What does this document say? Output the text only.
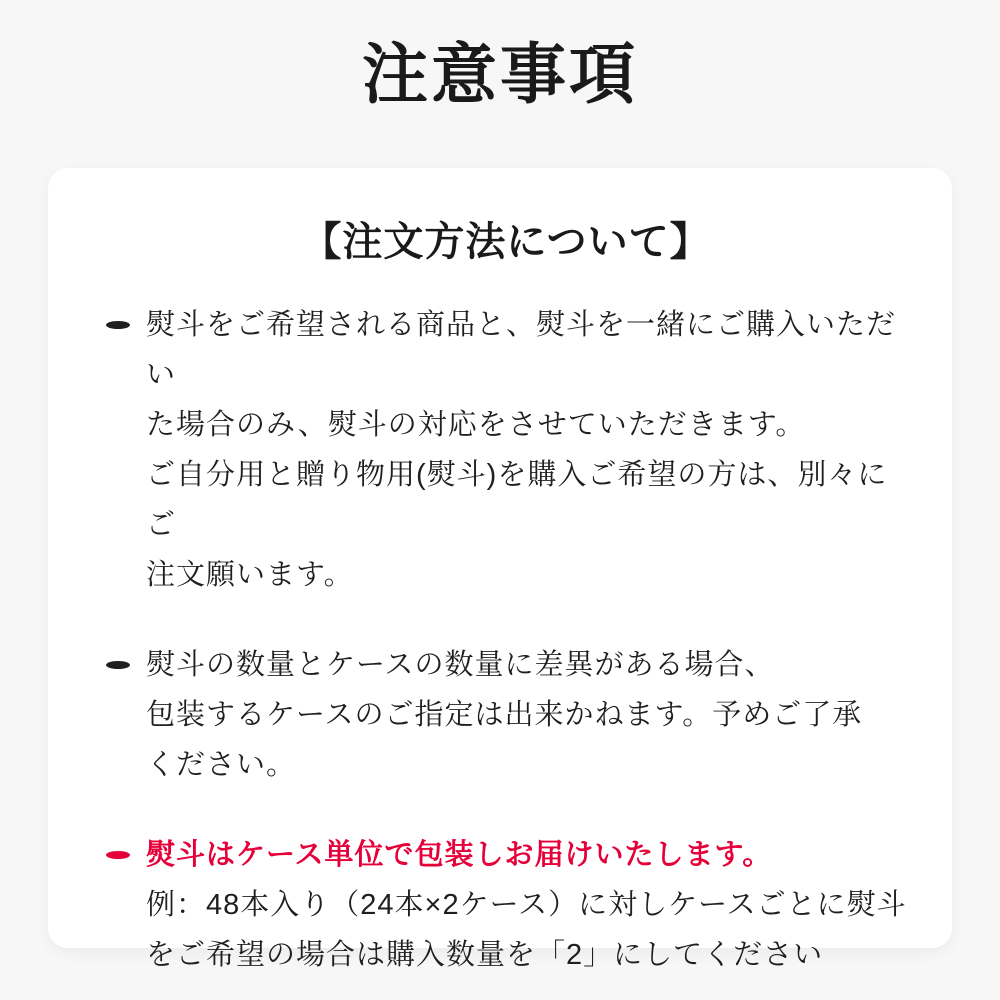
注意事項
【注文方法について】
熨斗をご希望される商品と、熨斗を一緒にご購入いただい
た場合のみ、熨斗の対応をさせていただきます。
ご自分用と贈り物用(熨斗)を購入ご希望の方は、別々にご
注文願います。
熨斗の数量とケースの数量に差異がある場合、
包装するケースのご指定は出来かねます。予めご了承
ください。
熨斗はケース単位で包装しお届けいたします。
例：48本入り（24本×2ケース）に対しケースごとに熨斗
をご希望の場合は購入数量を「2」にしてください
